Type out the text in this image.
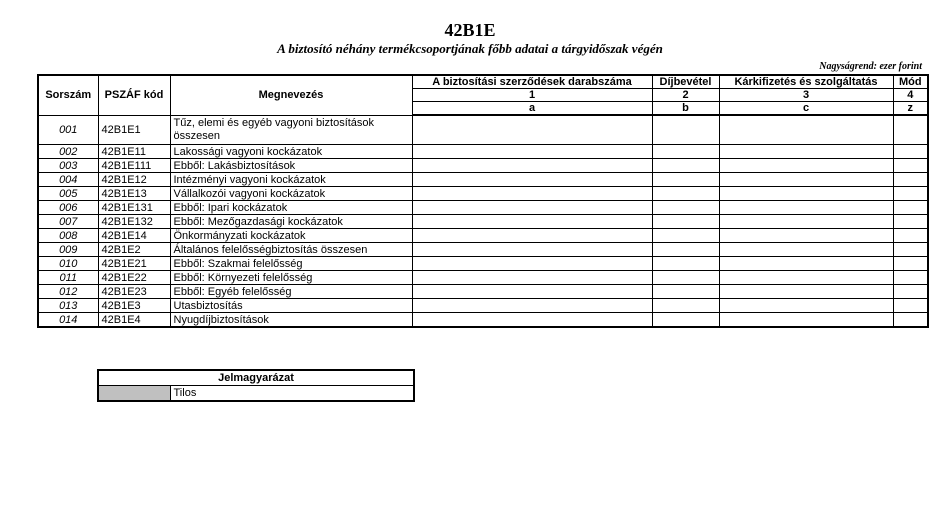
42B1E
A biztosító néhány termékcsoportjának főbb adatai a tárgyidőszak végén
Nagyságrend: ezer forint
Sorszám	PSZÁF kód	Megnevezés	A biztosítási szerződések darabszáma	Díjbevétel	Kárkifizetés és szolgáltatás	Mód
			1	2	3	4
			a	b	c	z
001	42B1E1	Tűz, elemi és egyéb vagyoni biztosítások összesen				
002	42B1E11	Lakossági vagyoni kockázatok				
003	42B1E111	Ebből: Lakásbiztosítások				
004	42B1E12	Intézményi vagyoni kockázatok				
005	42B1E13	Vállalkozói vagyoni kockázatok				
006	42B1E131	Ebből: Ipari kockázatok				
007	42B1E132	Ebből: Mezőgazdasági kockázatok				
008	42B1E14	Önkormányzati kockázatok				
009	42B1E2	Általános felelősségbiztosítás összesen				
010	42B1E21	Ebből: Szakmai felelősség				
011	42B1E22	Ebből: Környezeti felelősség				
012	42B1E23	Ebből: Egyéb felelősség				
013	42B1E3	Utasbiztosítás				
014	42B1E4	Nyugdíjbiztosítások				
Jelmagyarázat
	Tilos
